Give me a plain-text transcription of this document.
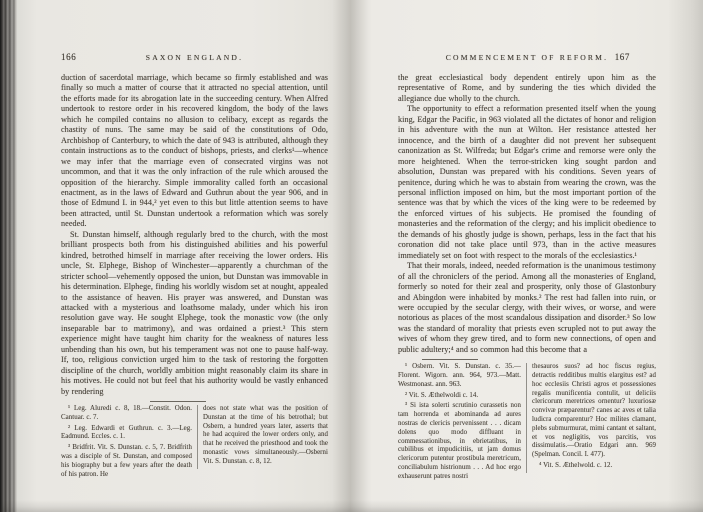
166	SAXON ENGLAND.

duction of sacerdotal marriage, which became so firmly established and was finally so much a matter of course that it attracted no special attention, until the efforts made for its abrogation late in the succeeding century. When Alfred undertook to restore order in his recovered kingdom, the body of the laws which he compiled contains no allusion to celibacy, except as regards the chastity of nuns. The same may be said of the constitutions of Odo, Archbishop of Canterbury, to which the date of 943 is attributed, although they contain instructions as to the conduct of bishops, priests, and clerks¹—whence we may infer that the marriage even of consecrated virgins was not uncommon, and that it was the only infraction of the rule which aroused the opposition of the hierarchy. Simple immorality called forth an occasional enactment, as in the laws of Edward and Guthrun about the year 906, and in those of Edmund I. in 944,² yet even to this but little attention seems to have been attracted, until St. Dunstan undertook a reformation which was sorely needed.

St. Dunstan himself, although regularly bred to the church, with the most brilliant prospects both from his distinguished abilities and his powerful kindred, betrothed himself in marriage after receiving the lower orders. His uncle, St. Elphege, Bishop of Winchester—apparently a churchman of the stricter school—vehemently opposed the union, but Dunstan was immovable in his determination. Elphege, finding his worldly wisdom set at nought, appealed to the assistance of heaven. His prayer was answered, and Dunstan was attacked with a mysterious and loathsome malady, under which his iron resolution gave way. He sought Elphege, took the monastic vow (the only inseparable bar to matrimony), and was ordained a priest.³ This stern experience might have taught him charity for the weakness of natures less unbending than his own, but his temperament was not one to pause half-way. If, too, religious conviction urged him to the task of restoring the forgotten discipline of the church, worldly ambition might reasonably claim its share in his motives. He could not but feel that his authority would be vastly enhanced by rendering

¹ Leg. Aluredi c. 8, 18.—Constit. Odon. Cantuar. c. 7.

² Leg. Edwardi et Guthrun. c. 3.—Leg. Eadmund. Eccles. c. 1.

³ Bridfrit. Vit. S. Dunstan. c. 5, 7. Bridfrith was a disciple of St. Dunstan, and composed his biography but a few years after the death of his patron. He

does not state what was the position of Dunstan at the time of his betrothal; but Osbern, a hundred years later, asserts that he had acquired the lower orders only, and that he received the priesthood and took the monastic vows simultaneously.—Osberni Vit. S. Dunstan. c. 8, 12.

COMMENCEMENT OF REFORM. 167

the great ecclesiastical body dependent entirely upon him as the representative of Rome, and by sundering the ties which divided the allegiance due wholly to the church.

The opportunity to effect a reformation presented itself when the young king, Edgar the Pacific, in 963 violated all the dictates of honor and religion in his adventure with the nun at Wilton. Her resistance attested her innocence, and the birth of a daughter did not prevent her subsequent canonization as St. Wilfreda; but Edgar's crime and remorse were only the more heightened. When the terror-stricken king sought pardon and absolution, Dunstan was prepared with his conditions. Seven years of penitence, during which he was to abstain from wearing the crown, was the personal infliction imposed on him, but the most important portion of the sentence was that by which the vices of the king were to be redeemed by the enforced virtues of his subjects. He promised the founding of monasteries and the reformation of the clergy; and his implicit obedience to the demands of his ghostly judge is shown, perhaps, less in the fact that his coronation did not take place until 973, than in the active measures immediately set on foot with respect to the morals of the ecclesiastics.¹

That their morals, indeed, needed reformation is the unanimous testimony of all the chroniclers of the period. Among all the monasteries of England, formerly so noted for their zeal and prosperity, only those of Glastonbury and Abingdon were inhabited by monks.² The rest had fallen into ruin, or were occupied by the secular clergy, with their wives, or worse, and were notorious as places of the most scandalous dissipation and disorder.³ So low was the standard of morality that priests even scrupled not to put away the wives of whom they grew tired, and to form new connections, of open and public adultery;⁴ and so common had this become that a

¹ Osbern. Vit. S. Dunstan. c. 35.—Florent. Wigorn. ann. 964, 973.—Matt. Westmonast. ann. 963.

² Vit. S. Æthelwoldi c. 14.

³ Si ista solerti scrutinio curassetis non tam horrenda et abominanda ad aures nostras de clericis pervenissent . . . dicam dolens quo modo diffluant in commessationibus, in ebrietatibus, in cubilibus et impudicitiis, ut jam domus clericorum putentur prostibula meretricum, conciliabulum histrionum . . . Ad hoc ergo exhauserunt patres nostri

thesauros suos? ad hoc fiscus regius, detractis redditibus multis elargitus est? ad hoc ecclesiis Christi agros et possessiones regalis munificentia contulit, ut deliciis clericorum meretrices ornentur? luxuriosæ convivæ præparentur? canes ac aves et talia ludicra comparentur? Hoc milites clamant, plebs submurmurat, mimi cantant et saltant, et vos negligitis, vos parcitis, vos dissimulatis.—Oratio Edgari ann. 969 (Spelman. Concil. I. 477).

⁴ Vit. S. Æthelwold. c. 12.
